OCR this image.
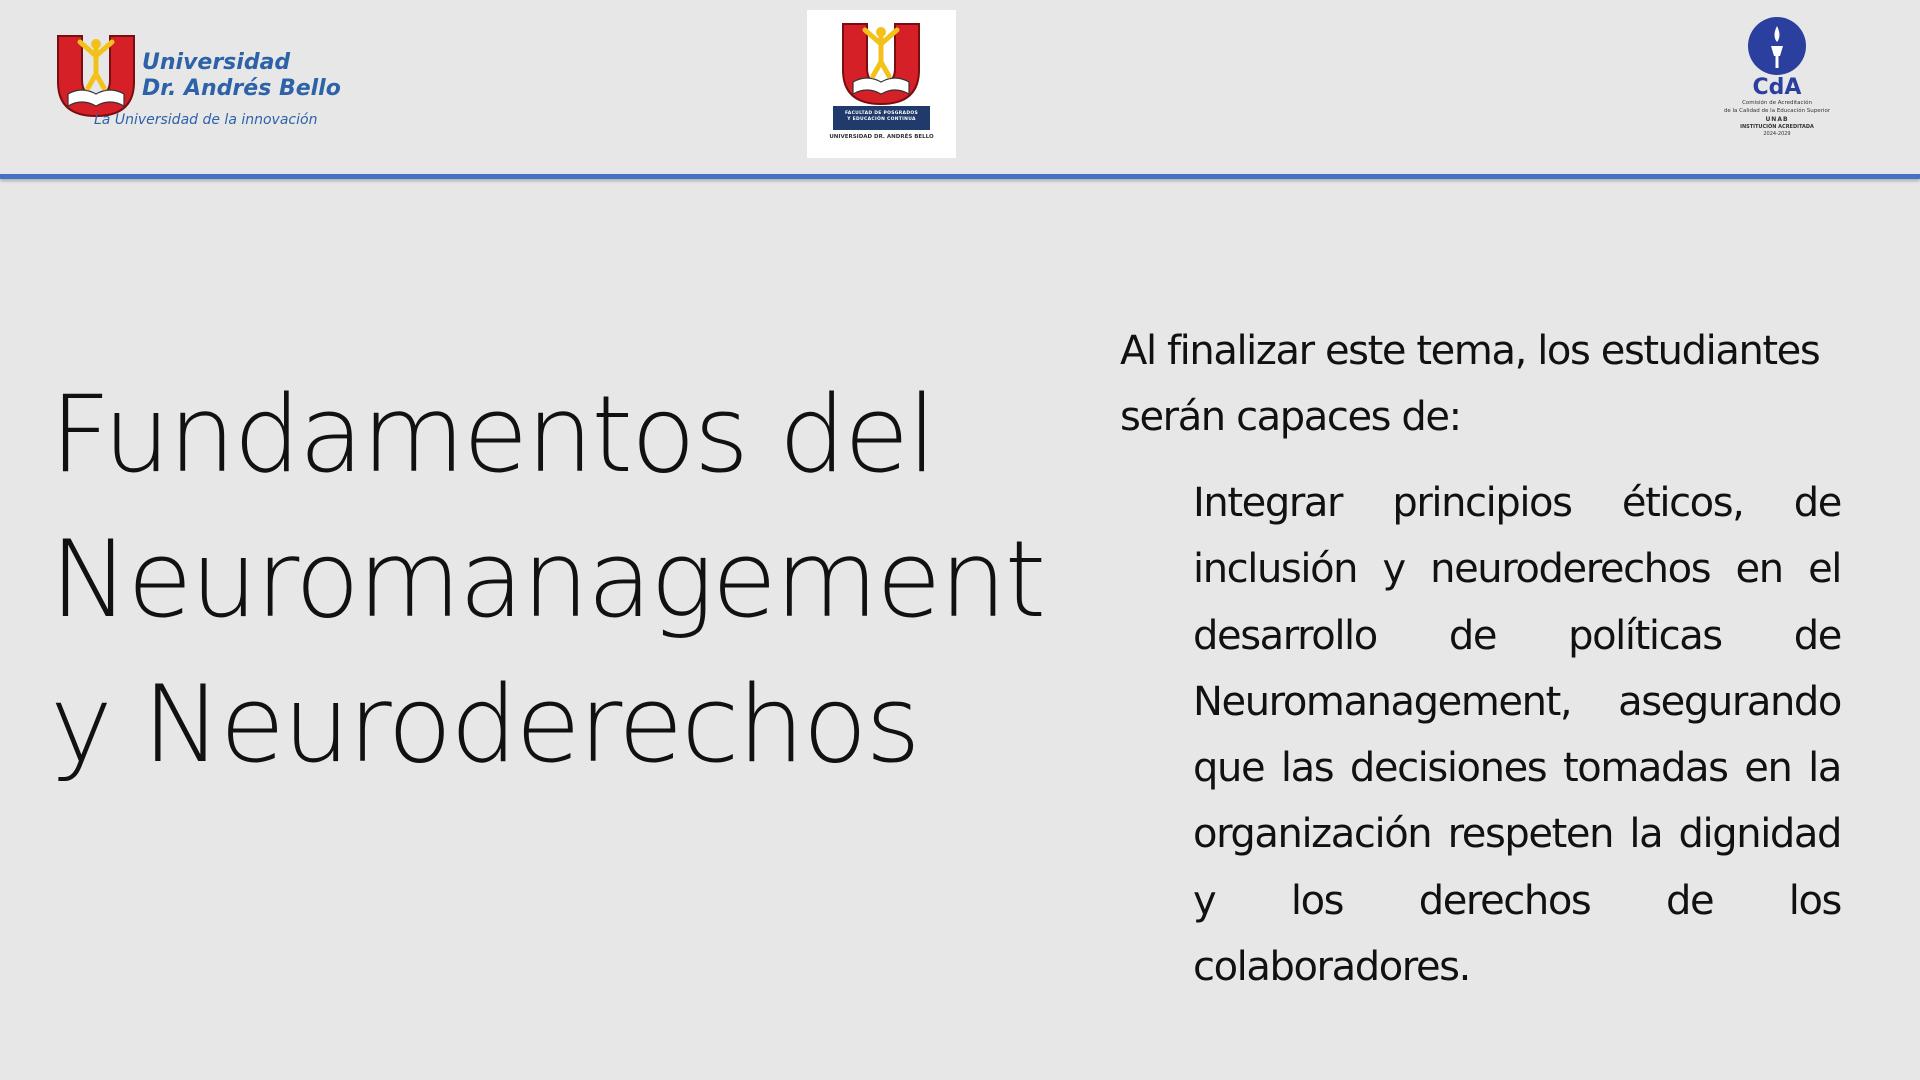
Universidad
Dr. Andrés Bello
La Universidad de la innovación	FACULTAD DE POSGRADOS
Y EDUCACIÓN CONTINUA
UNIVERSIDAD DR. ANDRÉS BELLO
CdA
Comisión de Acreditación
de la Calidad de la Educación Superior
UNAB
INSTITUCIÓN ACREDITADA
2024-2029
Fundamentos del
Neuromanagement
y Neuroderechos

Al finalizar este tema, los estudiantes serán capaces de:

Integrar principios éticos, de inclusión y neuroderechos en el desarrollo de políticas de Neuromanagement, asegurando que las decisiones tomadas en la organización respeten la dignidad y los derechos de los colaboradores.
